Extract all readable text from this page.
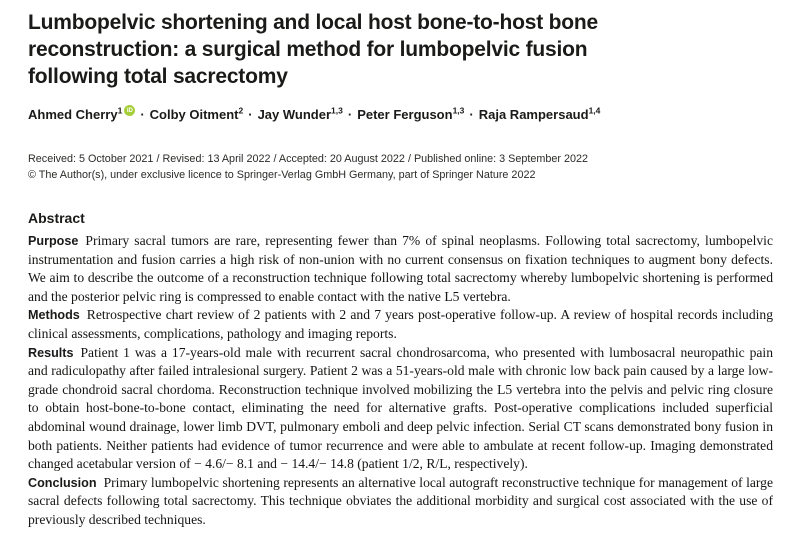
Lumbopelvic shortening and local host bone-to-host bone
reconstruction: a surgical method for lumbopelvic fusion
following total sacrectomy
Ahmed Cherry$^1$ iD · Colby Oitment$^2$ · Jay Wunder$^{1,3}$ · Peter Ferguson$^{1,3}$ · Raja Rampersaud$^{1,4}$
Received: 5 October 2021 / Revised: 13 April 2022 / Accepted: 20 August 2022 / Published online: 3 September 2022
© The Author(s), under exclusive licence to Springer-Verlag GmbH Germany, part of Springer Nature 2022
Abstract

Purpose Primary sacral tumors are rare, representing fewer than 7% of spinal neoplasms. Following total sacrectomy, lumbopelvic instrumentation and fusion carries a high risk of non-union with no current consensus on fixation techniques to augment bony defects. We aim to describe the outcome of a reconstruction technique following total sacrectomy whereby lumbopelvic shortening is performed and the posterior pelvic ring is compressed to enable contact with the native L5 vertebra.

Methods Retrospective chart review of 2 patients with 2 and 7 years post-operative follow-up. A review of hospital records including clinical assessments, complications, pathology and imaging reports.

Results Patient 1 was a 17-years-old male with recurrent sacral chondrosarcoma, who presented with lumbosacral neuropathic pain and radiculopathy after failed intralesional surgery. Patient 2 was a 51-years-old male with chronic low back pain caused by a large low-grade chondroid sacral chordoma. Reconstruction technique involved mobilizing the L5 vertebra into the pelvis and pelvic ring closure to obtain host-bone-to-bone contact, eliminating the need for alternative grafts. Post-operative complications included superficial abdominal wound drainage, lower limb DVT, pulmonary emboli and deep pelvic infection. Serial CT scans demonstrated bony fusion in both patients. Neither patients had evidence of tumor recurrence and were able to ambulate at recent follow-up. Imaging demonstrated changed acetabular version of − 4.6/− 8.1 and − 14.4/− 14.8 (patient 1/2, R/L, respectively).

Conclusion Primary lumbopelvic shortening represents an alternative local autograft reconstructive technique for management of large sacral defects following total sacrectomy. This technique obviates the additional morbidity and surgical cost associated with the use of previously described techniques.
